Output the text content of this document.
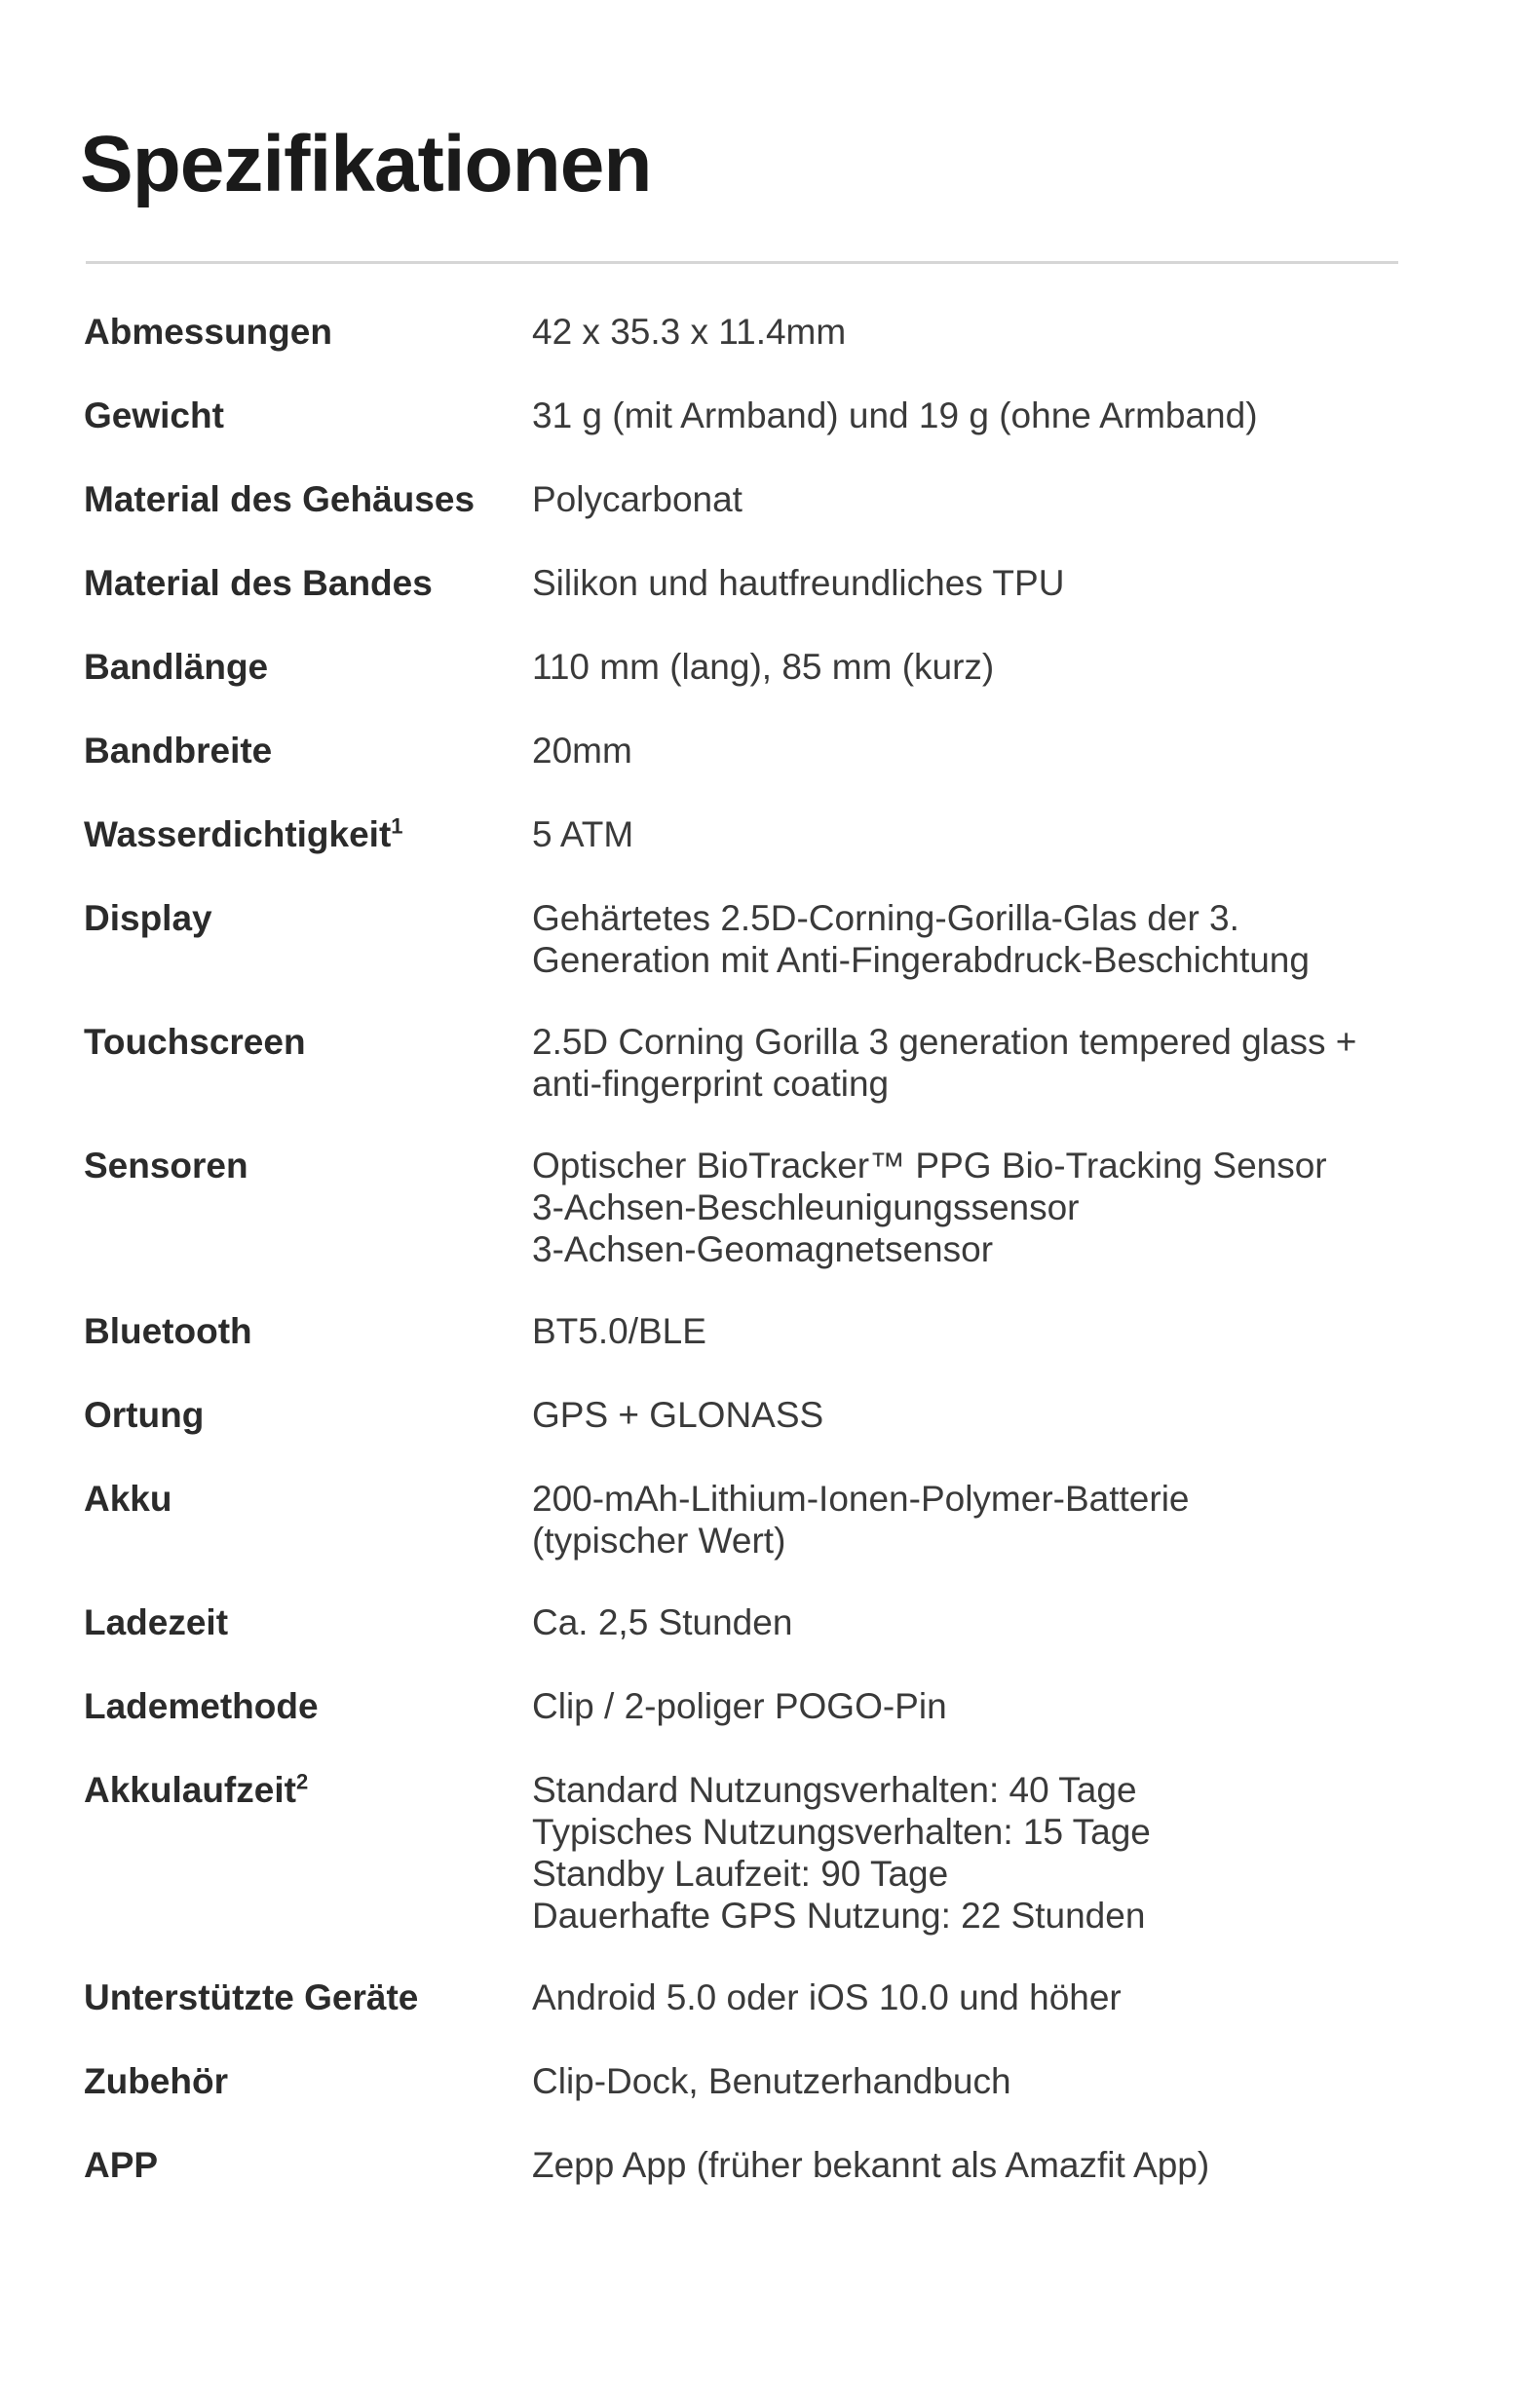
Spezifikationen
Abmessungen	42 x 35.3 x 11.4mm
Gewicht	31 g (mit Armband) und 19 g (ohne Armband)
Material des Gehäuses	Polycarbonat
Material des Bandes	Silikon und hautfreundliches TPU
Bandlänge	110 mm (lang), 85 mm (kurz)
Bandbreite	20mm
Wasserdichtigkeit$^1$	5 ATM
Display	Gehärtetes 2.5D-Corning-Gorilla-Glas der 3.
Generation mit Anti-Fingerabdruck-Beschichtung
Touchscreen	2.5D Corning Gorilla 3 generation tempered glass +
anti-fingerprint coating
Sensoren	Optischer BioTracker™ PPG Bio-Tracking Sensor
3-Achsen-Beschleunigungssensor
3-Achsen-Geomagnetsensor
Bluetooth	BT5.0/BLE
Ortung	GPS + GLONASS
Akku	200-mAh-Lithium-Ionen-Polymer-Batterie
(typischer Wert)
Ladezeit	Ca. 2,5 Stunden
Lademethode	Clip / 2-poliger POGO-Pin
Akkulaufzeit$^2$	Standard Nutzungsverhalten: 40 Tage
Typisches Nutzungsverhalten: 15 Tage
Standby Laufzeit: 90 Tage
Dauerhafte GPS Nutzung: 22 Stunden
Unterstützte Geräte	Android 5.0 oder iOS 10.0 und höher
Zubehör	Clip-Dock, Benutzerhandbuch
APP	Zepp App (früher bekannt als Amazfit App)
